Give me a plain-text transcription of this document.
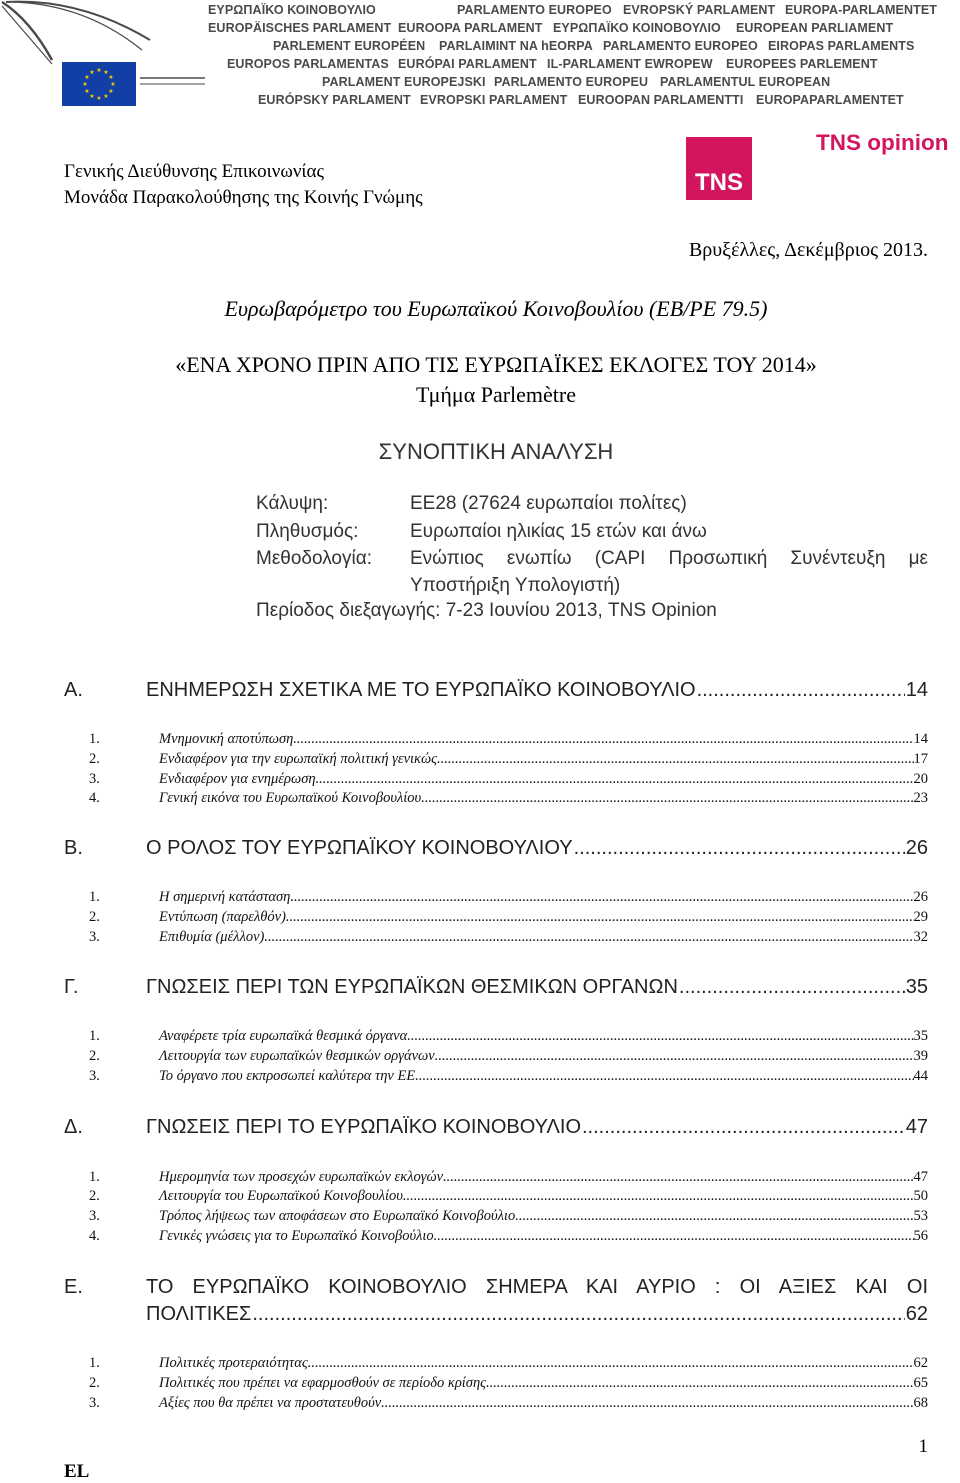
★ ★
★
★
★
★
★
★
★
★
★
★
ΕΥΡΩΠΑΪΚΟ ΚΟΙΝΟΒΟΥΛΙΟ	PARLAMENTO EUROPEO EVROPSKÝ PARLAMENT EUROPA-PARLAMENTET
EUROPÄISCHES PARLAMENT EUROOPA PARLAMENT ΕΥΡΩΠΑΪΚΟ ΚΟΙΝΟΒΟΥΛΙΟ EUROPEAN PARLIAMENT
PARLEMENT EUROPÉEN PARLAIMINT NA hEORPA PARLAMENTO EUROPEO EIROPAS PARLAMENTS
EUROPOS PARLAMENTAS EURÓPAI PARLAMENT IL-PARLAMENT EWROPEW EUROPEES PARLEMENT
PARLAMENT EUROPEJSKI PARLAMENTO EUROPEU PARLAMENTUL EUROPEAN
EURÓPSKY PARLAMENT EVROPSKI PARLAMENT EUROOPAN PARLAMENTTI EUROPAPARLAMENTET
TNS
TNS opinion
Γενικής Διεύθυνσης Επικοινωνίας
Μονάδα Παρακολούθησης της Κοινής Γνώμης
Βρυξέλλες, Δεκέμβριος 2013.
Ευρωβαρόμετρο του Ευρωπαϊκού Κοινοβουλίου (EB/PE 79.5)
«ΕΝΑ ΧΡΟΝΟ ΠΡΙΝ ΑΠΟ ΤΙΣ ΕΥΡΩΠΑΪΚΕΣ ΕΚΛΟΓΕΣ ΤΟΥ 2014»
Τμήμα Parlemètre
ΣΥΝΟΠΤΙΚΗ ΑΝΑΛΥΣΗ
Κάλυψη:	ΕΕ28 (27624 ευρωπαίοι πολίτες)
Πληθυσμός:	Ευρωπαίοι ηλικίας 15 ετών και άνω
Μεθοδολογία: Ενώπιος ενωπίω (CAPI Προσωπική Συνέντευξη με
Υποστήριξη Υπολογιστή)
Περίοδος διεξαγωγής: 7-23 Ιουνίου 2013, TNS Opinion
Α.	ΕΝΗΜΕΡΩΣΗ ΣΧΕΤΙΚΑ ΜΕ ΤΟ ΕΥΡΩΠΑΪΚΟ ΚΟΙΝΟΒΟΥΛΙΟ .....	14
1.	Μνημονική αποτύπωση .....	14
2.	Ενδιαφέρον για την ευρωπαϊκή πολιτική γενικώς .....	17
3.	Ενδιαφέρον για ενημέρωση .....	20
4.	Γενική εικόνα του Ευρωπαϊκού Κοινοβουλίου .....	23
Β.	Ο ΡΟΛΟΣ ΤΟΥ ΕΥΡΩΠΑΪΚΟΥ ΚΟΙΝΟΒΟΥΛΙΟΥ .....	26
1.	Η σημερινή κατάσταση .....	26
2.	Εντύπωση (παρελθόν) .....	29
3.	Επιθυμία (μέλλον) .....	32
Γ.	ΓΝΩΣΕΙΣ ΠΕΡΙ ΤΩΝ ΕΥΡΩΠΑΪΚΩΝ ΘΕΣΜΙΚΩΝ ΟΡΓΑΝΩΝ .....	35
1.	Αναφέρετε τρία ευρωπαϊκά θεσμικά όργανα .....	35
2.	Λειτουργία των ευρωπαϊκών θεσμικών οργάνων .....	39
3.	Το όργανο που εκπροσωπεί καλύτερα την ΕΕ .....	44
Δ.	ΓΝΩΣΕΙΣ ΠΕΡΙ ΤΟ ΕΥΡΩΠΑΪΚΟ ΚΟΙΝΟΒΟΥΛΙΟ .....	47
1.	Ημερομηνία των προσεχών ευρωπαϊκών εκλογών .....	47
2.	Λειτουργία του Ευρωπαϊκού Κοινοβουλίου .....	50
3.	Τρόπος λήψεως των αποφάσεων στο Ευρωπαϊκό Κοινοβούλιο .....	53
4.	Γενικές γνώσεις για το Ευρωπαϊκό Κοινοβούλιο .....	56
Ε.	ΤΟ ΕΥΡΩΠΑΪΚΟ ΚΟΙΝΟΒΟΥΛΙΟ ΣΗΜΕΡΑ ΚΑΙ ΑΥΡΙΟ : ΟΙ ΑΞΙΕΣ ΚΑΙ ΟΙ
ΠΟΛΙΤΙΚΕΣ .....	62
1.	Πολιτικές προτεραιότητας .....	62
2.	Πολιτικές που πρέπει να εφαρμοσθούν σε περίοδο κρίσης .....	65
3.	Αξίες που θα πρέπει να προστατευθούν .....	68
1
EL
